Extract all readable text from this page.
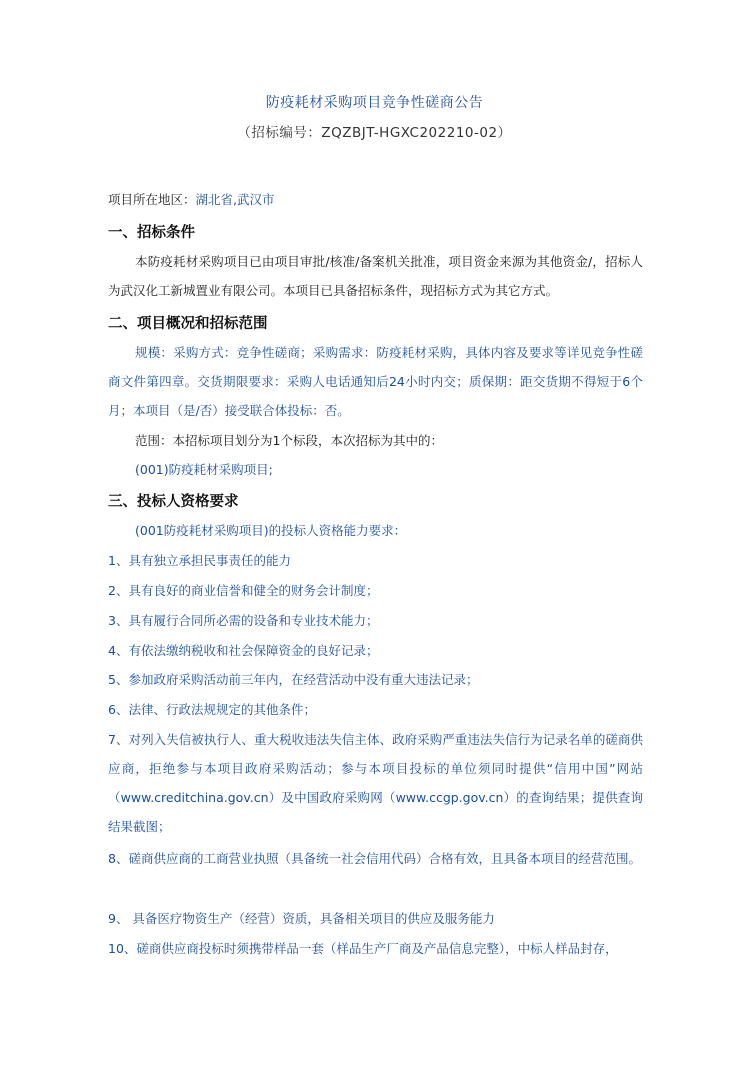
防疫耗材采购项目竞争性磋商公告
（招标编号：ZQZBJT-HGXC202210-02）
项目所在地区：湖北省,武汉市
一、招标条件
本防疫耗材采购项目已由项目审批/核准/备案机关批准，项目资金来源为其他资金/，招标人为武汉化工新城置业有限公司。本项目已具备招标条件，现招标方式为其它方式。
二、项目概况和招标范围
规模：采购方式：竞争性磋商；采购需求：防疫耗材采购，具体内容及要求等详见竞争性磋商文件第四章。交货期限要求：采购人电话通知后24小时内交；质保期：距交货期不得短于6个月；本项目（是/否）接受联合体投标：否。
范围：本招标项目划分为1个标段，本次招标为其中的：
(001)防疫耗材采购项目;
三、投标人资格要求
(001防疫耗材采购项目)的投标人资格能力要求：
1、具有独立承担民事责任的能力
2、具有良好的商业信誉和健全的财务会计制度；
3、具有履行合同所必需的设备和专业技术能力；
4、有依法缴纳税收和社会保障资金的良好记录；
5、参加政府采购活动前三年内，在经营活动中没有重大违法记录；
6、法律、行政法规规定的其他条件；
7、对列入失信被执行人、重大税收违法失信主体、政府采购严重违法失信行为记录名单的磋商供应商，拒绝参与本项目政府采购活动；参与本项目投标的单位须同时提供“信用中国”网站（www.creditchina.gov.cn）及中国政府采购网（www.ccgp.gov.cn）的查询结果；提供查询结果截图；
8、磋商供应商的工商营业执照（具备统一社会信用代码）合格有效，且具备本项目的经营范围。
9、 具备医疗物资生产（经营）资质，具备相关项目的供应及服务能力
10、磋商供应商投标时须携带样品一套（样品生产厂商及产品信息完整），中标人样品封存，
